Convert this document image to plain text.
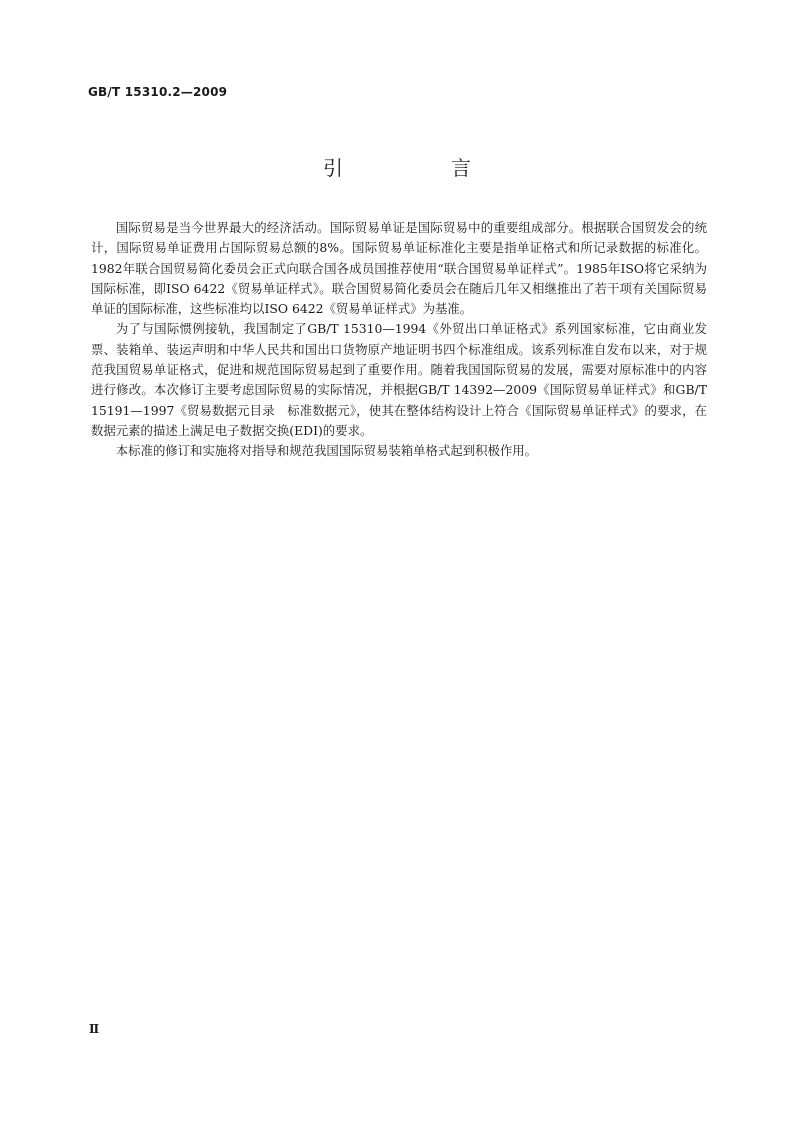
GB/T 15310.2—2009
引　言

国际贸易是当今世界最大的经济活动。国际贸易单证是国际贸易中的重要组成部分。根据联合国贸发会的统计，国际贸易单证费用占国际贸易总额的8%。国际贸易单证标准化主要是指单证格式和所记录数据的标准化。1982年联合国贸易简化委员会正式向联合国各成员国推荐使用“联合国贸易单证样式”。1985年ISO将它采纳为国际标准，即ISO 6422《贸易单证样式》。联合国贸易简化委员会在随后几年又相继推出了若干项有关国际贸易单证的国际标准，这些标准均以ISO 6422《贸易单证样式》为基准。

为了与国际惯例接轨，我国制定了GB/T 15310—1994《外贸出口单证格式》系列国家标准，它由商业发票、装箱单、装运声明和中华人民共和国出口货物原产地证明书四个标准组成。该系列标准自发布以来，对于规范我国贸易单证格式，促进和规范国际贸易起到了重要作用。随着我国国际贸易的发展，需要对原标准中的内容进行修改。本次修订主要考虑国际贸易的实际情况，并根据GB/T 14392—2009《国际贸易单证样式》和GB/T 15191—1997《贸易数据元目录　标准数据元》，使其在整体结构设计上符合《国际贸易单证样式》的要求，在数据元素的描述上满足电子数据交换(EDI)的要求。

本标准的修订和实施将对指导和规范我国国际贸易装箱单格式起到积极作用。

Ⅱ
